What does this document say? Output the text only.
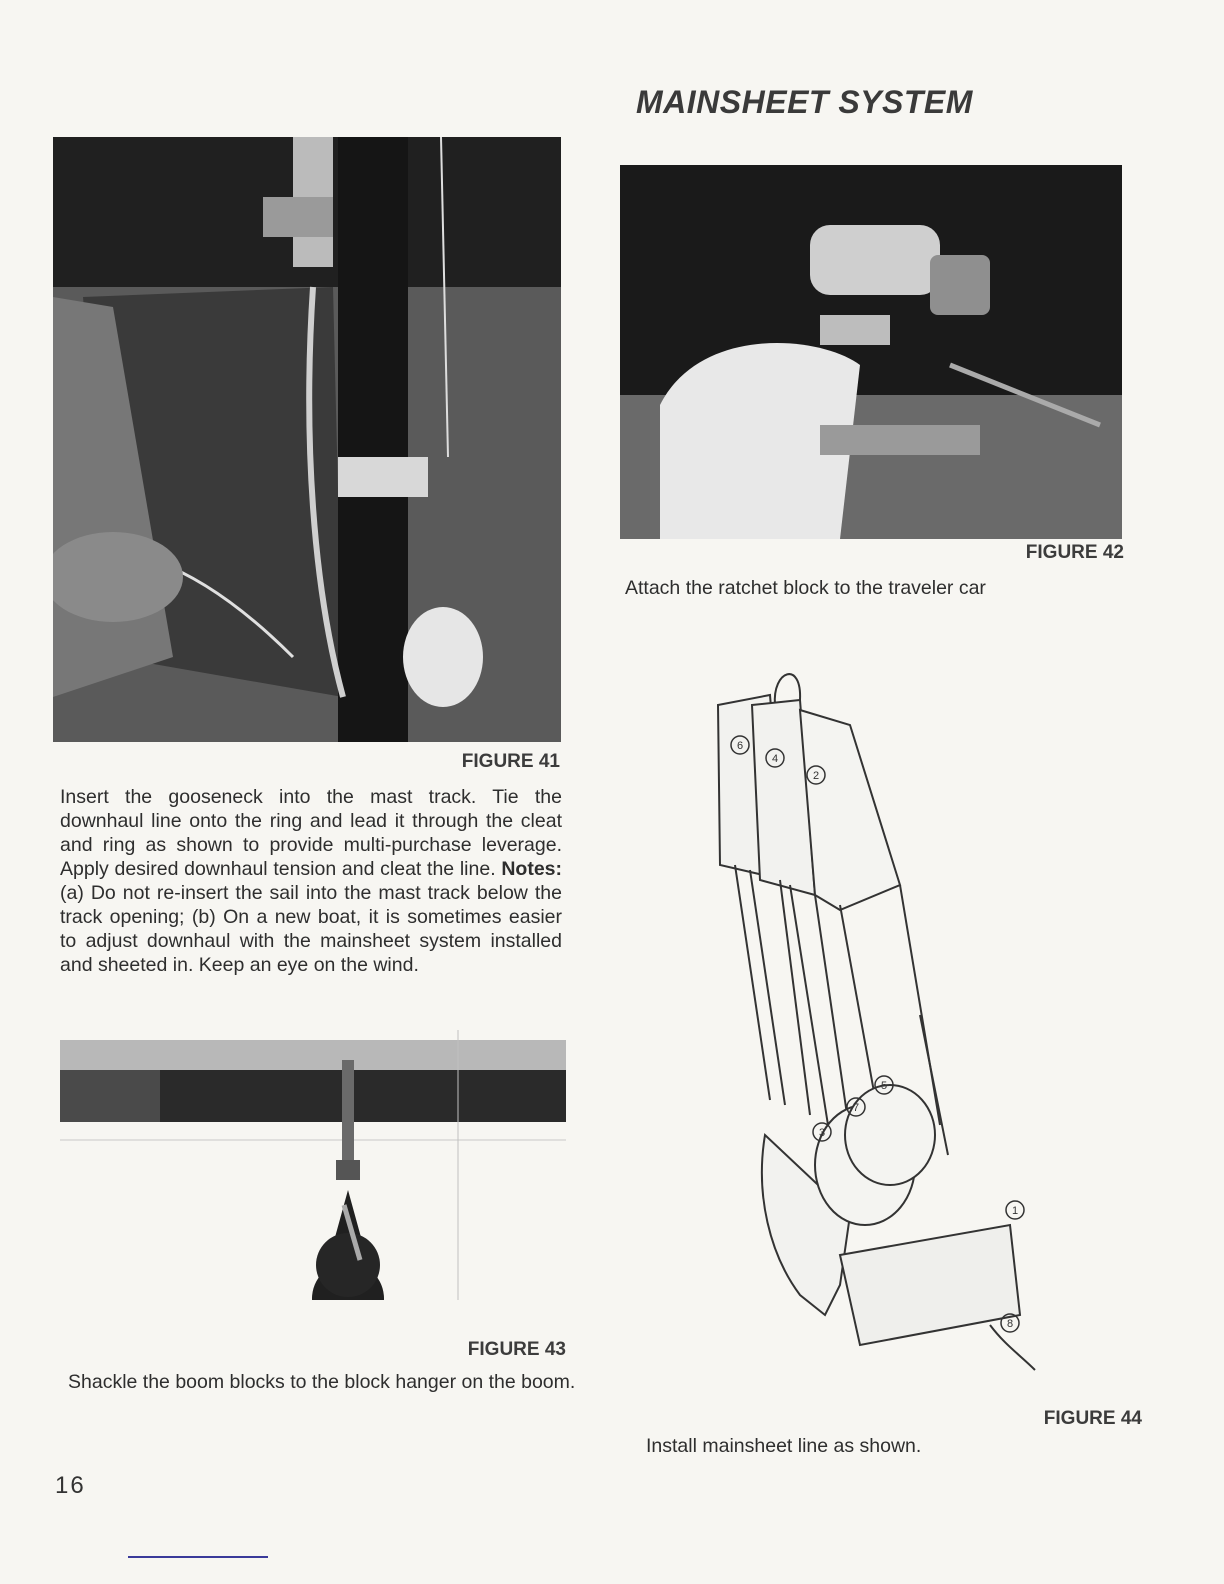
MAINSHEET SYSTEM
FIGURE 41
Insert the gooseneck into the mast track. Tie the downhaul line onto the ring and lead it through the cleat and ring as shown to provide multi-purchase leverage. Apply desired downhaul tension and cleat the line. Notes: (a) Do not re-insert the sail into the mast track below the track opening; (b) On a new boat, it is sometimes easier to adjust downhaul with the mainsheet system installed and sheeted in. Keep an eye on the wind.
FIGURE 42
Attach the ratchet block to the traveler car
FIGURE 43
Shackle the boom blocks to the block hanger on the boom.
6
4
2
5
7
3
1
8
FIGURE 44
Install mainsheet line as shown.
16
